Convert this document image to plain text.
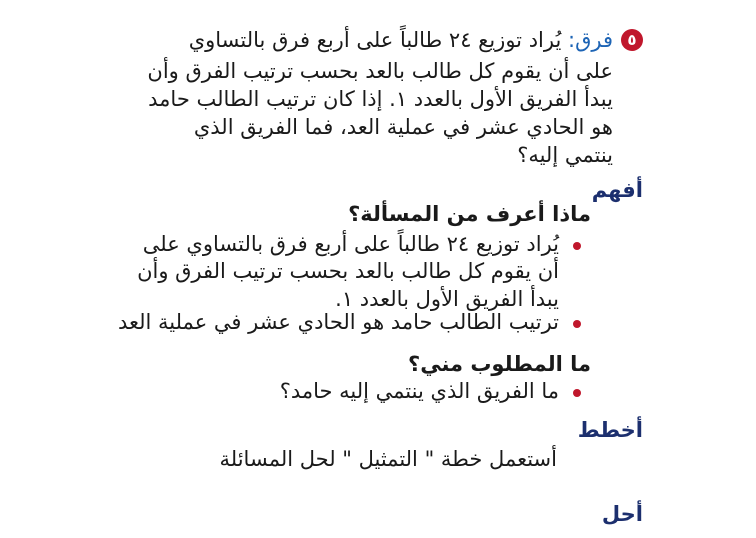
٥
فرق: يُراد توزيع ٢٤ طالباً على أربع فرق بالتساوي
على أن يقوم كل طالب بالعد بحسب ترتيب الفرق وأن
يبدأ الفريق الأول بالعدد ١. إذا كان ترتيب الطالب حامد
هو الحادي عشر في عملية العد، فما الفريق الذي
ينتمي إليه؟
أفهم
ماذا أعرف من المسألة؟
يُراد توزيع ٢٤ طالباً على أربع فرق بالتساوي على
أن يقوم كل طالب بالعد بحسب ترتيب الفرق وأن
يبدأ الفريق الأول بالعدد ١.
ترتيب الطالب حامد هو الحادي عشر في عملية العد
ما المطلوب مني؟
ما الفريق الذي ينتمي إليه حامد؟
أخطط
أستعمل خطة " التمثيل " لحل المسائلة
أحل
